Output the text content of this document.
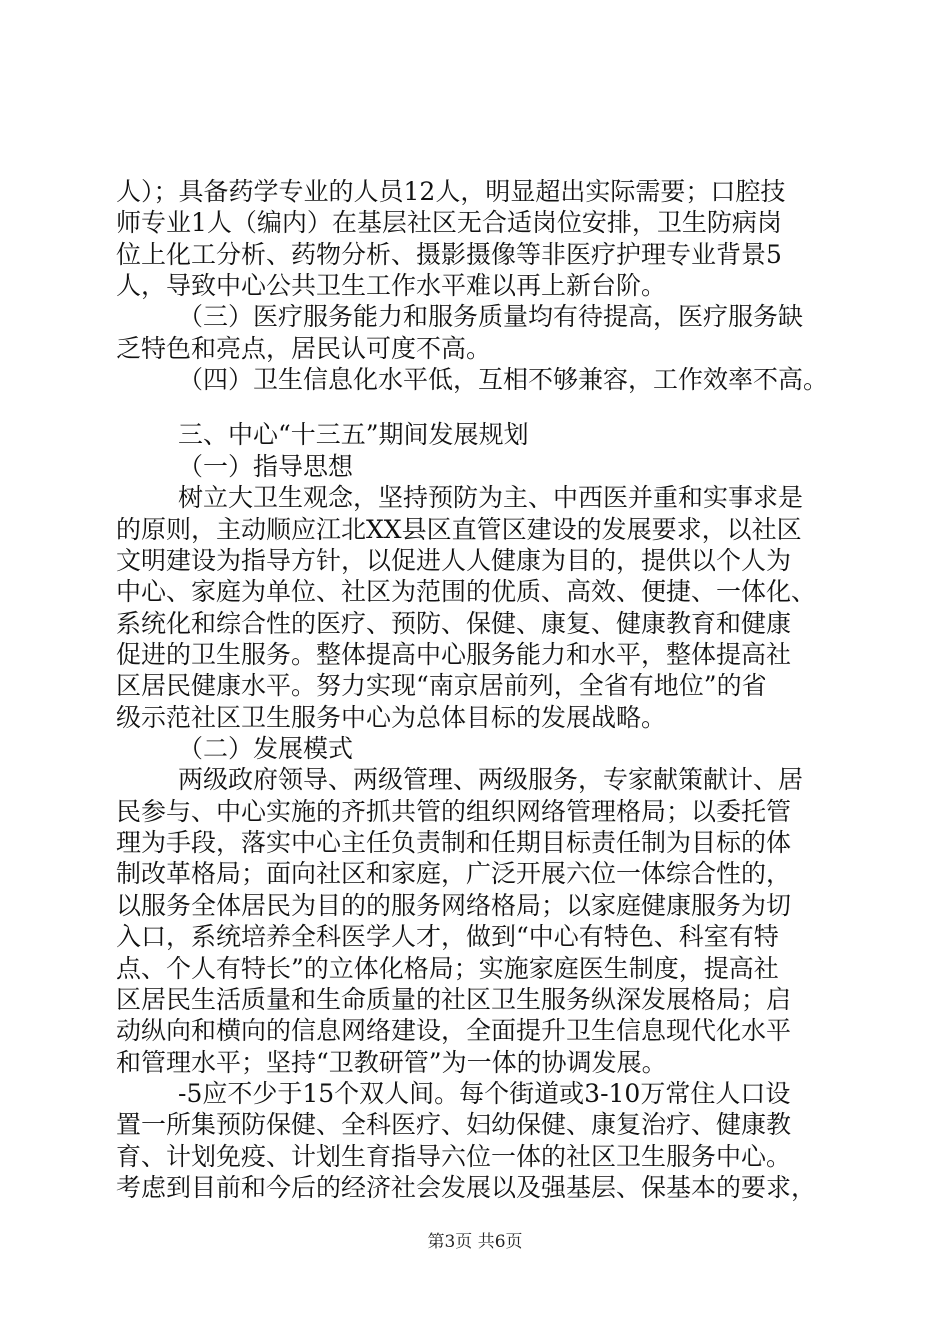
人）；具备药学专业的人员12人，明显超出实际需要；口腔技
师专业1人（编内）在基层社区无合适岗位安排，卫生防病岗
位上化工分析、药物分析、摄影摄像等非医疗护理专业背景5
人，导致中心公共卫生工作水平难以再上新台阶。
（三）医疗服务能力和服务质量均有待提高，医疗服务缺
乏特色和亮点，居民认可度不高。
（四）卫生信息化水平低，互相不够兼容，工作效率不高。
三、中心“十三五”期间发展规划
（一）指导思想
树立大卫生观念，坚持预防为主、中西医并重和实事求是
的原则，主动顺应江北XX县区直管区建设的发展要求，以社区
文明建设为指导方针，以促进人人健康为目的，提供以个人为
中心、家庭为单位、社区为范围的优质、高效、便捷、一体化、
系统化和综合性的医疗、预防、保健、康复、健康教育和健康
促进的卫生服务。整体提高中心服务能力和水平，整体提高社
区居民健康水平。努力实现“南京居前列，全省有地位”的省
级示范社区卫生服务中心为总体目标的发展战略。
（二）发展模式
两级政府领导、两级管理、两级服务，专家献策献计、居
民参与、中心实施的齐抓共管的组织网络管理格局；以委托管
理为手段，落实中心主任负责制和任期目标责任制为目标的体
制改革格局；面向社区和家庭，广泛开展六位一体综合性的，
以服务全体居民为目的的服务网络格局；以家庭健康服务为切
入口，系统培养全科医学人才，做到“中心有特色、科室有特
点、个人有特长”的立体化格局；实施家庭医生制度，提高社
区居民生活质量和生命质量的社区卫生服务纵深发展格局；启
动纵向和横向的信息网络建设，全面提升卫生信息现代化水平
和管理水平；坚持“卫教研管”为一体的协调发展。
-5应不少于15个双人间。每个街道或3-10万常住人口设
置一所集预防保健、全科医疗、妇幼保健、康复治疗、健康教
育、计划免疫、计划生育指导六位一体的社区卫生服务中心。
考虑到目前和今后的经济社会发展以及强基层、保基本的要求，
第3页 共6页
